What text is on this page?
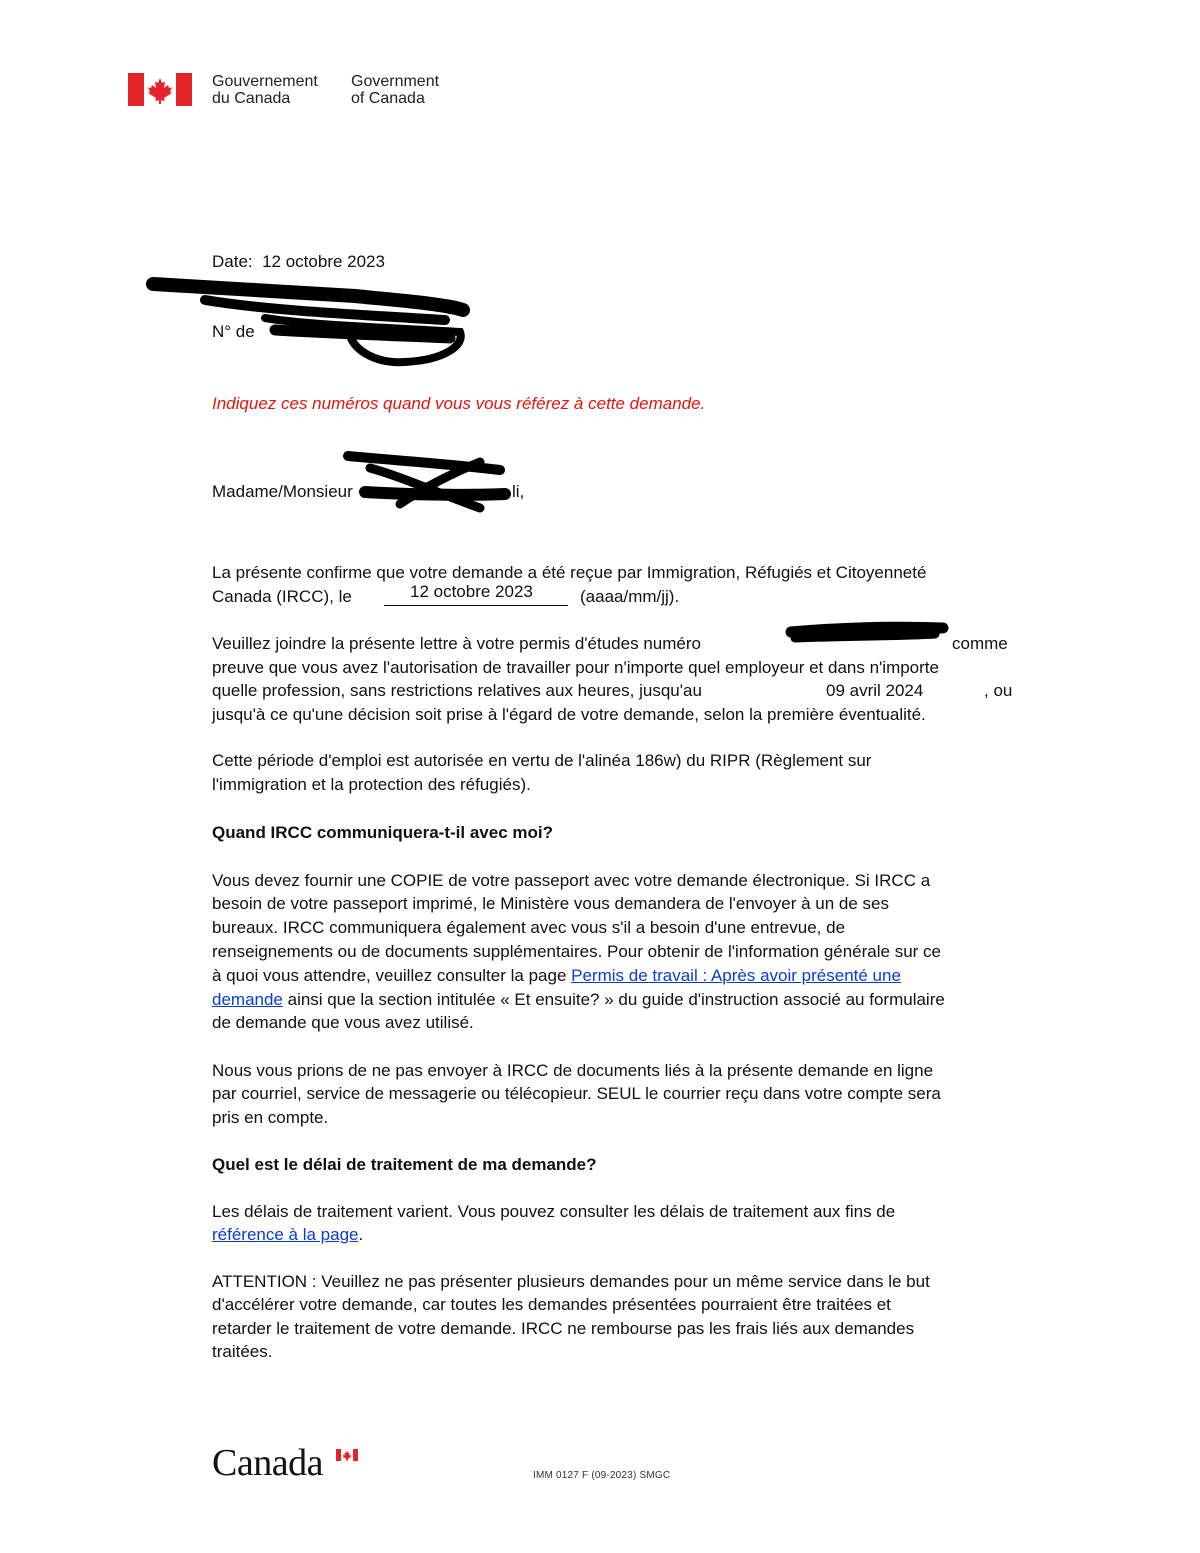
Gouvernement
du Canada
Government
of Canada
Date: 12 octobre 2023
N° de
Indiquez ces numéros quand vous vous référez à cette demande.
Madame/Monsieur	li,
La présente confirme que votre demande a été reçue par Immigration, Réfugiés et Citoyenneté
Canada (IRCC), le	12 octobre 2023	(aaaa/mm/jj).
Veuillez joindre la présente lettre à votre permis d'études numéro	comme
preuve que vous avez l'autorisation de travailler pour n'importe quel employeur et dans n'importe
quelle profession, sans restrictions relatives aux heures, jusqu'au	09 avril 2024	, ou
jusqu'à ce qu'une décision soit prise à l'égard de votre demande, selon la première éventualité.
Cette période d'emploi est autorisée en vertu de l'alinéa 186w) du RIPR (Règlement sur
l'immigration et la protection des réfugiés).
Quand IRCC communiquera-t-il avec moi?
Vous devez fournir une COPIE de votre passeport avec votre demande électronique. Si IRCC a
besoin de votre passeport imprimé, le Ministère vous demandera de l'envoyer à un de ses
bureaux. IRCC communiquera également avec vous s'il a besoin d'une entrevue, de
renseignements ou de documents supplémentaires. Pour obtenir de l'information générale sur ce
à quoi vous attendre, veuillez consulter la page Permis de travail : Après avoir présenté une
demande ainsi que la section intitulée « Et ensuite? » du guide d'instruction associé au formulaire
de demande que vous avez utilisé.
Nous vous prions de ne pas envoyer à IRCC de documents liés à la présente demande en ligne
par courriel, service de messagerie ou télécopieur. SEUL le courrier reçu dans votre compte sera
pris en compte.
Quel est le délai de traitement de ma demande?
Les délais de traitement varient. Vous pouvez consulter les délais de traitement aux fins de
référence à la page.
ATTENTION : Veuillez ne pas présenter plusieurs demandes pour un même service dans le but
d'accélérer votre demande, car toutes les demandes présentées pourraient être traitées et
retarder le traitement de votre demande. IRCC ne rembourse pas les frais liés aux demandes
traitées.
Canada	IMM 0127 F (09-2023) SMGC
